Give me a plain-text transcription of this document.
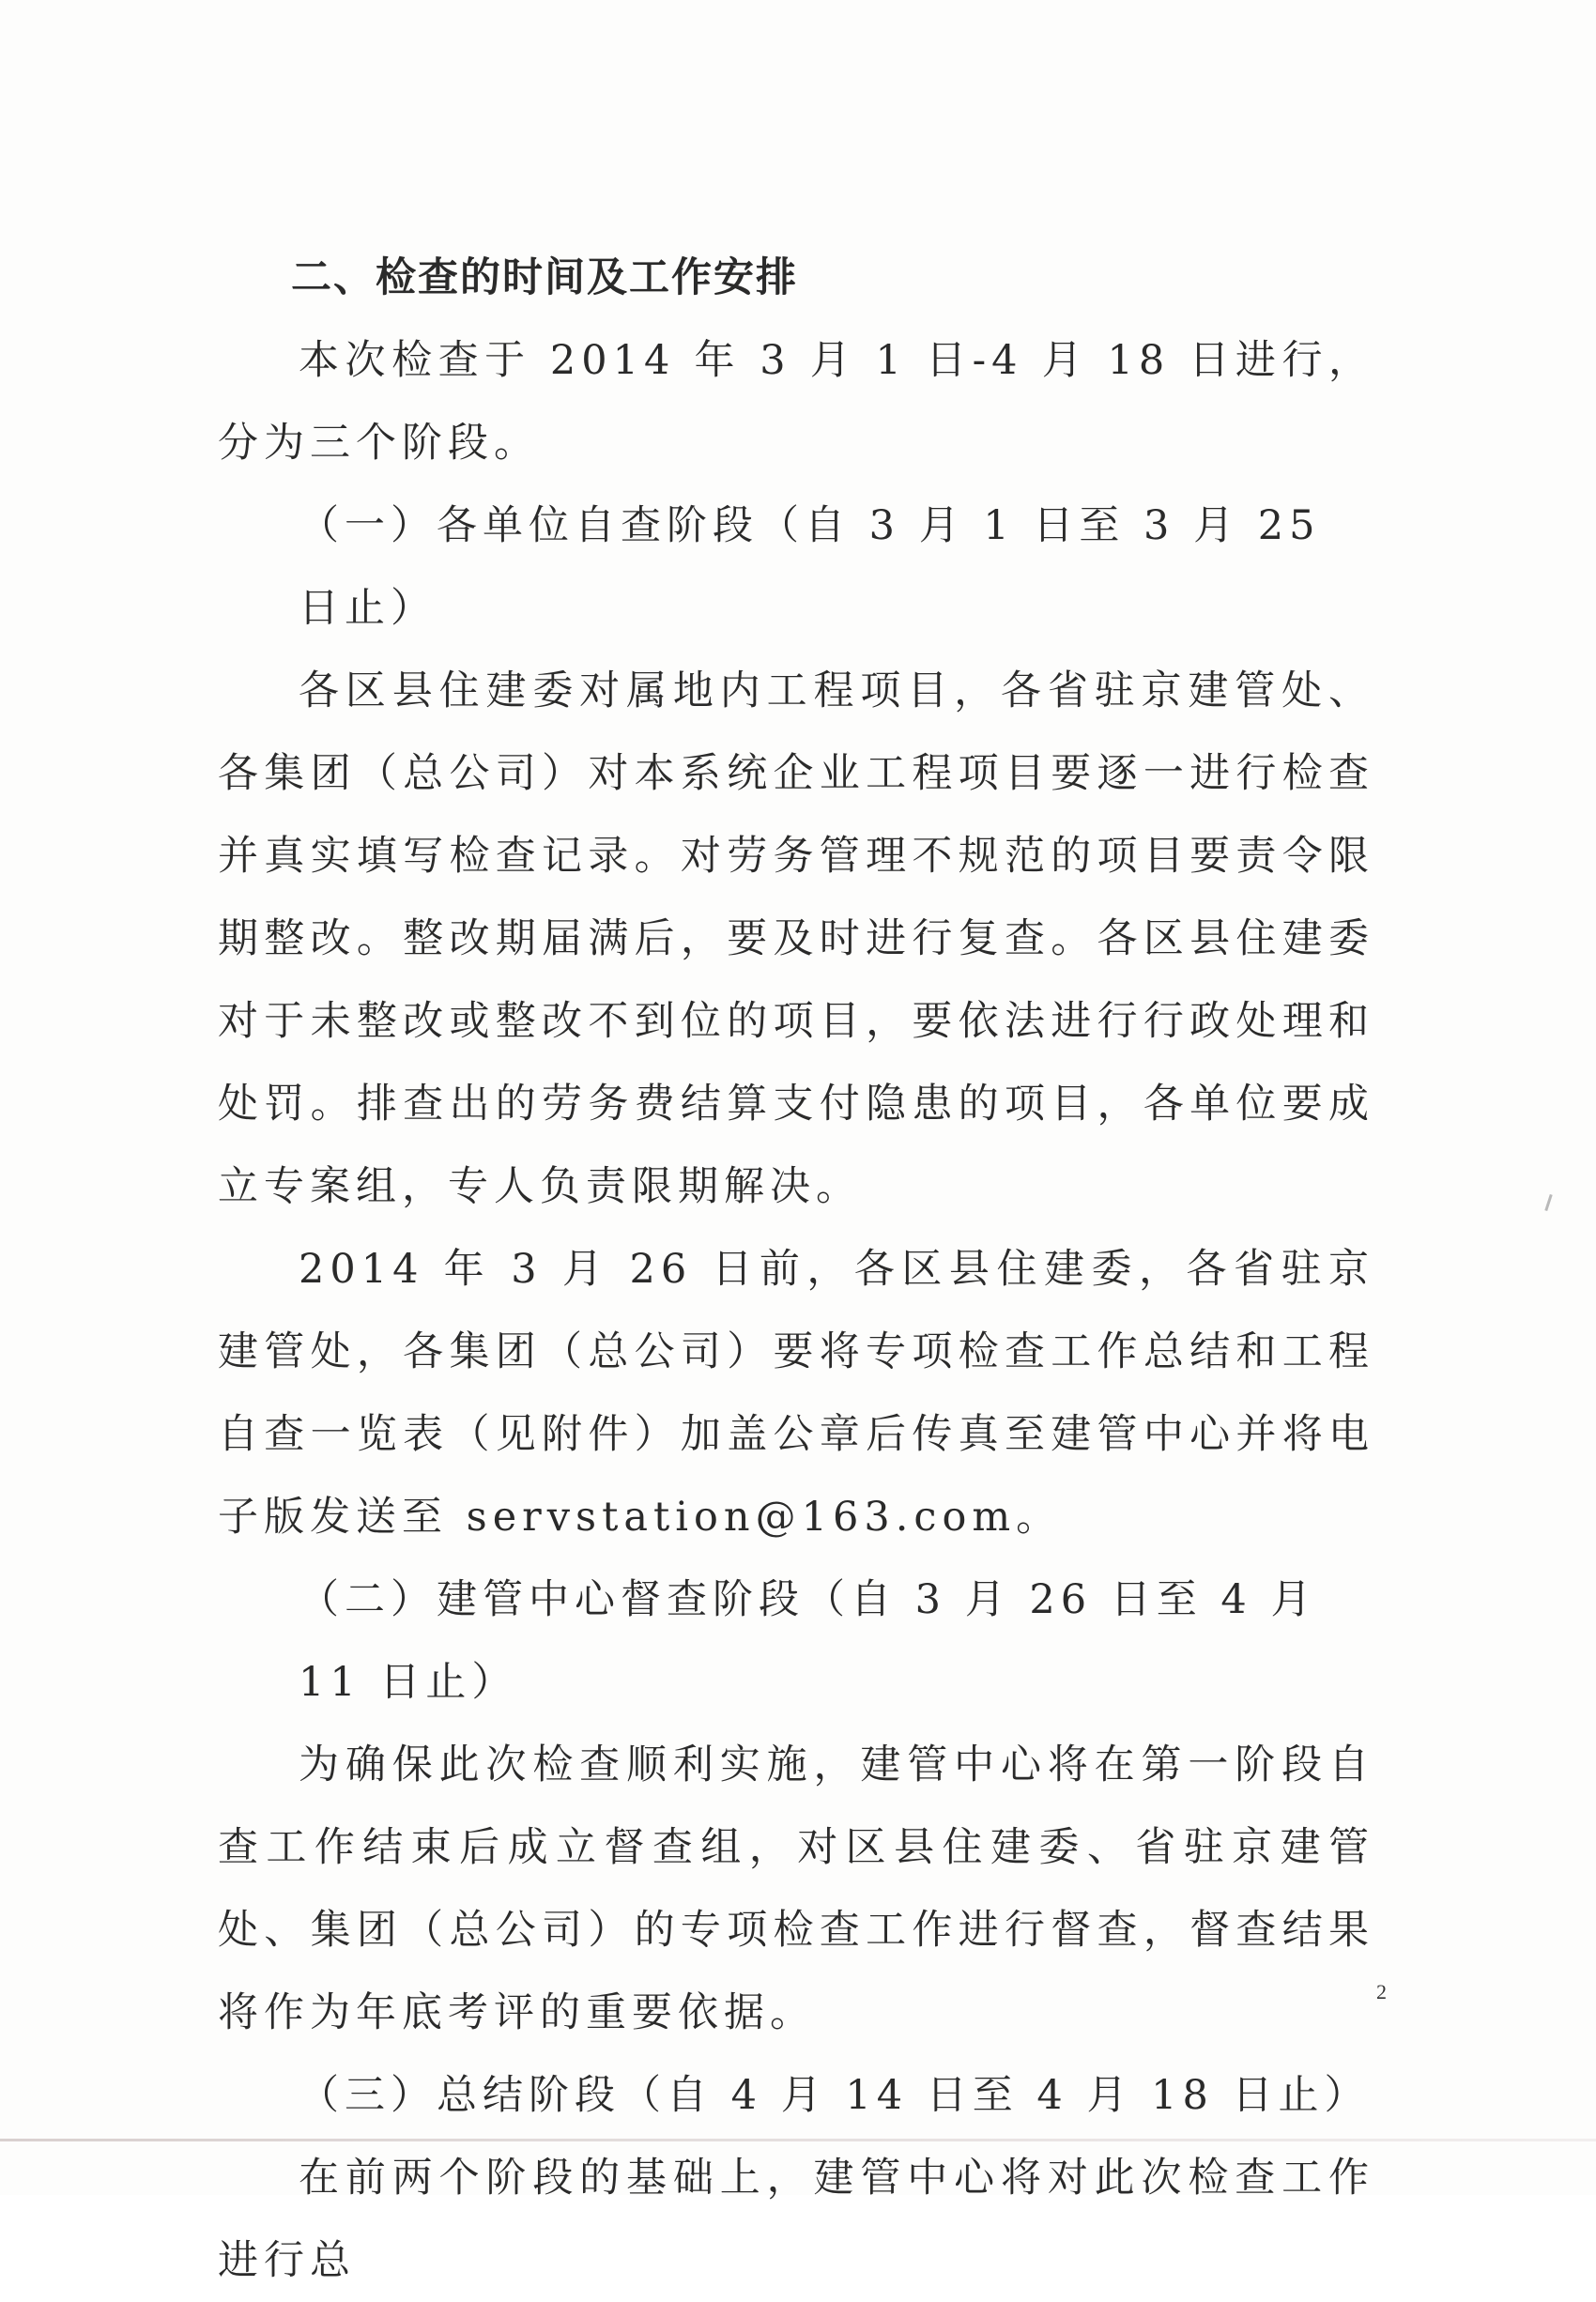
二、检查的时间及工作安排

本次检查于 2014 年 3 月 1 日-4 月 18 日进行，分为三个阶段。

（一）各单位自查阶段（自 3 月 1 日至 3 月 25 日止）

各区县住建委对属地内工程项目，各省驻京建管处、各集团（总公司）对本系统企业工程项目要逐一进行检查并真实填写检查记录。对劳务管理不规范的项目要责令限期整改。整改期届满后，要及时进行复查。各区县住建委对于未整改或整改不到位的项目，要依法进行行政处理和处罚。排查出的劳务费结算支付隐患的项目，各单位要成立专案组，专人负责限期解决。

2014 年 3 月 26 日前，各区县住建委，各省驻京建管处，各集团（总公司）要将专项检查工作总结和工程自查一览表（见附件）加盖公章后传真至建管中心并将电子版发送至 servstation@163.com。

（二）建管中心督查阶段（自 3 月 26 日至 4 月 11 日止）

为确保此次检查顺利实施，建管中心将在第一阶段自查工作结束后成立督查组，对区县住建委、省驻京建管处、集团（总公司）的专项检查工作进行督查，督查结果将作为年底考评的重要依据。

（三）总结阶段（自 4 月 14 日至 4 月 18 日止）

在前两个阶段的基础上，建管中心将对此次检查工作进行总

2
